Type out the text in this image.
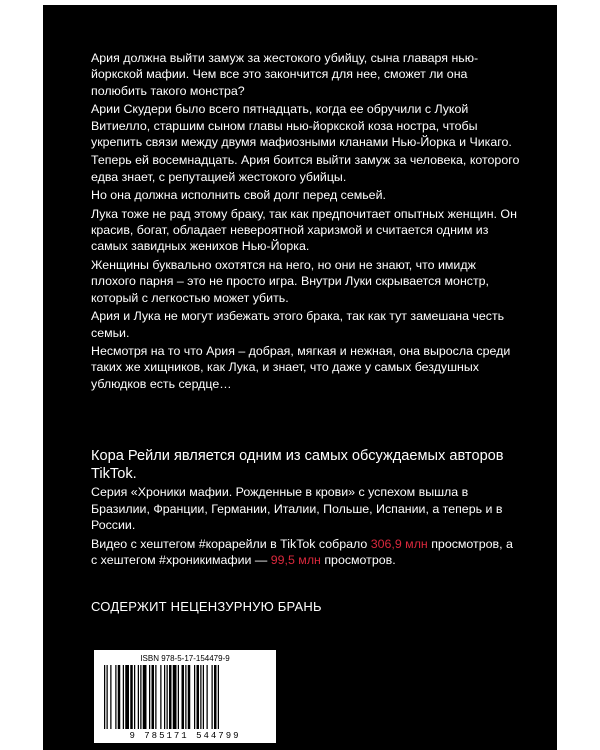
Ария должна выйти замуж за жестокого убийцу, сына главаря нью-йоркской мафии. Чем все это закончится для нее, сможет ли она полюбить такого монстра?

Арии Скудери было всего пятнадцать, когда ее обручили с Лукой Витиелло, старшим сыном главы нью-йоркской коза ностра, чтобы укрепить связи между двумя мафиозными кланами Нью-Йорка и Чикаго.

Теперь ей восемнадцать. Ария боится выйти замуж за человека, которого едва знает, с репутацией жестокого убийцы.

Но она должна исполнить свой долг перед семьей.

Лука тоже не рад этому браку, так как предпочитает опытных женщин. Он красив, богат, обладает невероятной харизмой и считается одним из самых завидных женихов Нью-Йорка.

Женщины буквально охотятся на него, но они не знают, что имидж плохого парня – это не просто игра. Внутри Луки скрывается монстр, который с легкостью может убить.

Ария и Лука не могут избежать этого брака, так как тут замешана честь семьи.

Несмотря на то что Ария – добрая, мягкая и нежная, она выросла среди таких же хищников, как Лука, и знает, что даже у самых бездушных ублюдков есть сердце…

Кора Рейли является одним из самых обсуждаемых авторов TikTok.

Серия «Хроники мафии. Рожденные в крови» с успехом вышла в Бразилии, Франции, Германии, Италии, Польше, Испании, а теперь и в России.

Видео с хештегом #корарейли в TikTok собрало 306,9 млн просмотров, а с хештегом #хроникимафии — 99,5 млн просмотров.

СОДЕРЖИТ НЕЦЕНЗУРНУЮ БРАНЬ
ISBN 978-5-17-154479-9
9 785171 544799
